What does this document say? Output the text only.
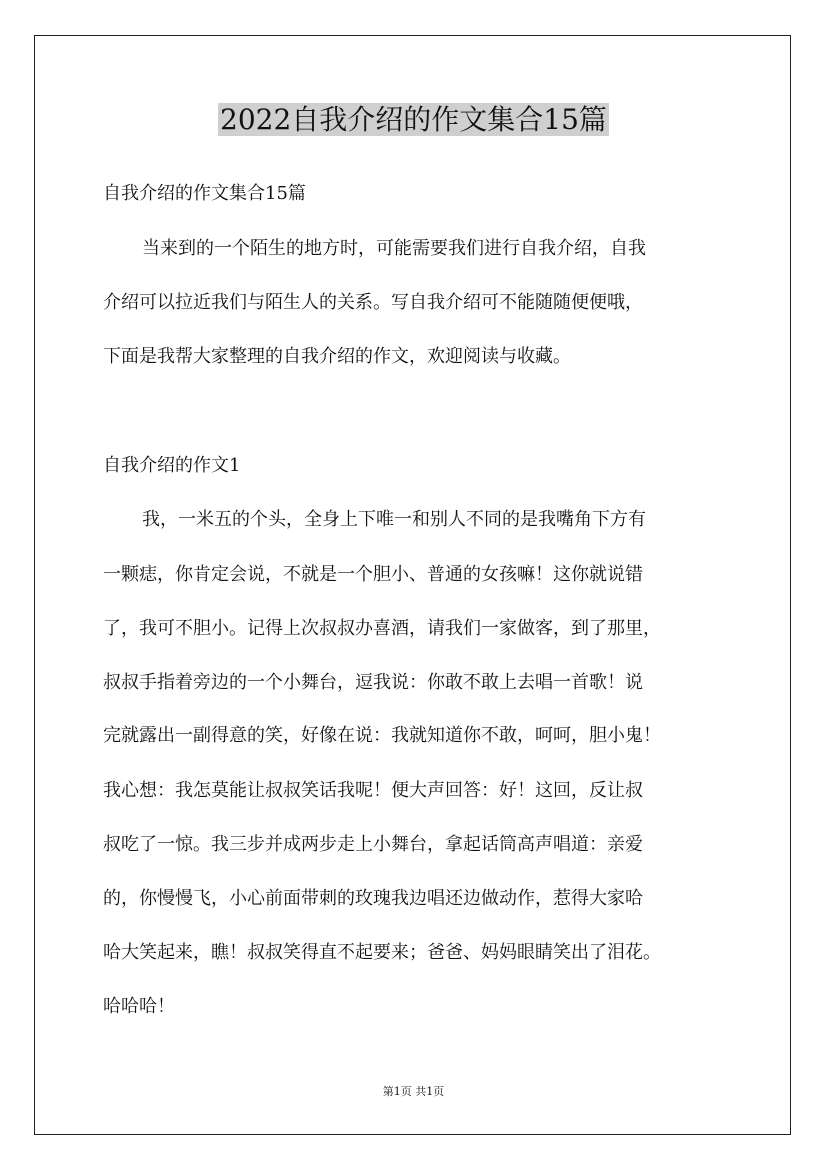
2022自我介绍的作文集合15篇
自我介绍的作文集合15篇
当来到的一个陌生的地方时，可能需要我们进行自我介绍，自我
介绍可以拉近我们与陌生人的关系。写自我介绍可不能随随便便哦，
下面是我帮大家整理的自我介绍的作文，欢迎阅读与收藏。
自我介绍的作文1
我，一米五的个头，全身上下唯一和别人不同的是我嘴角下方有
一颗痣，你肯定会说，不就是一个胆小、普通的女孩嘛！这你就说错
了，我可不胆小。记得上次叔叔办喜酒，请我们一家做客，到了那里，
叔叔手指着旁边的一个小舞台，逗我说：你敢不敢上去唱一首歌！说
完就露出一副得意的笑，好像在说：我就知道你不敢，呵呵，胆小鬼！
我心想：我怎莫能让叔叔笑话我呢！便大声回答：好！这回，反让叔
叔吃了一惊。我三步并成两步走上小舞台，拿起话筒高声唱道：亲爱
的，你慢慢飞，小心前面带刺的玫瑰我边唱还边做动作，惹得大家哈
哈大笑起来，瞧！叔叔笑得直不起要来；爸爸、妈妈眼睛笑出了泪花。
哈哈哈！
第1页 共1页
